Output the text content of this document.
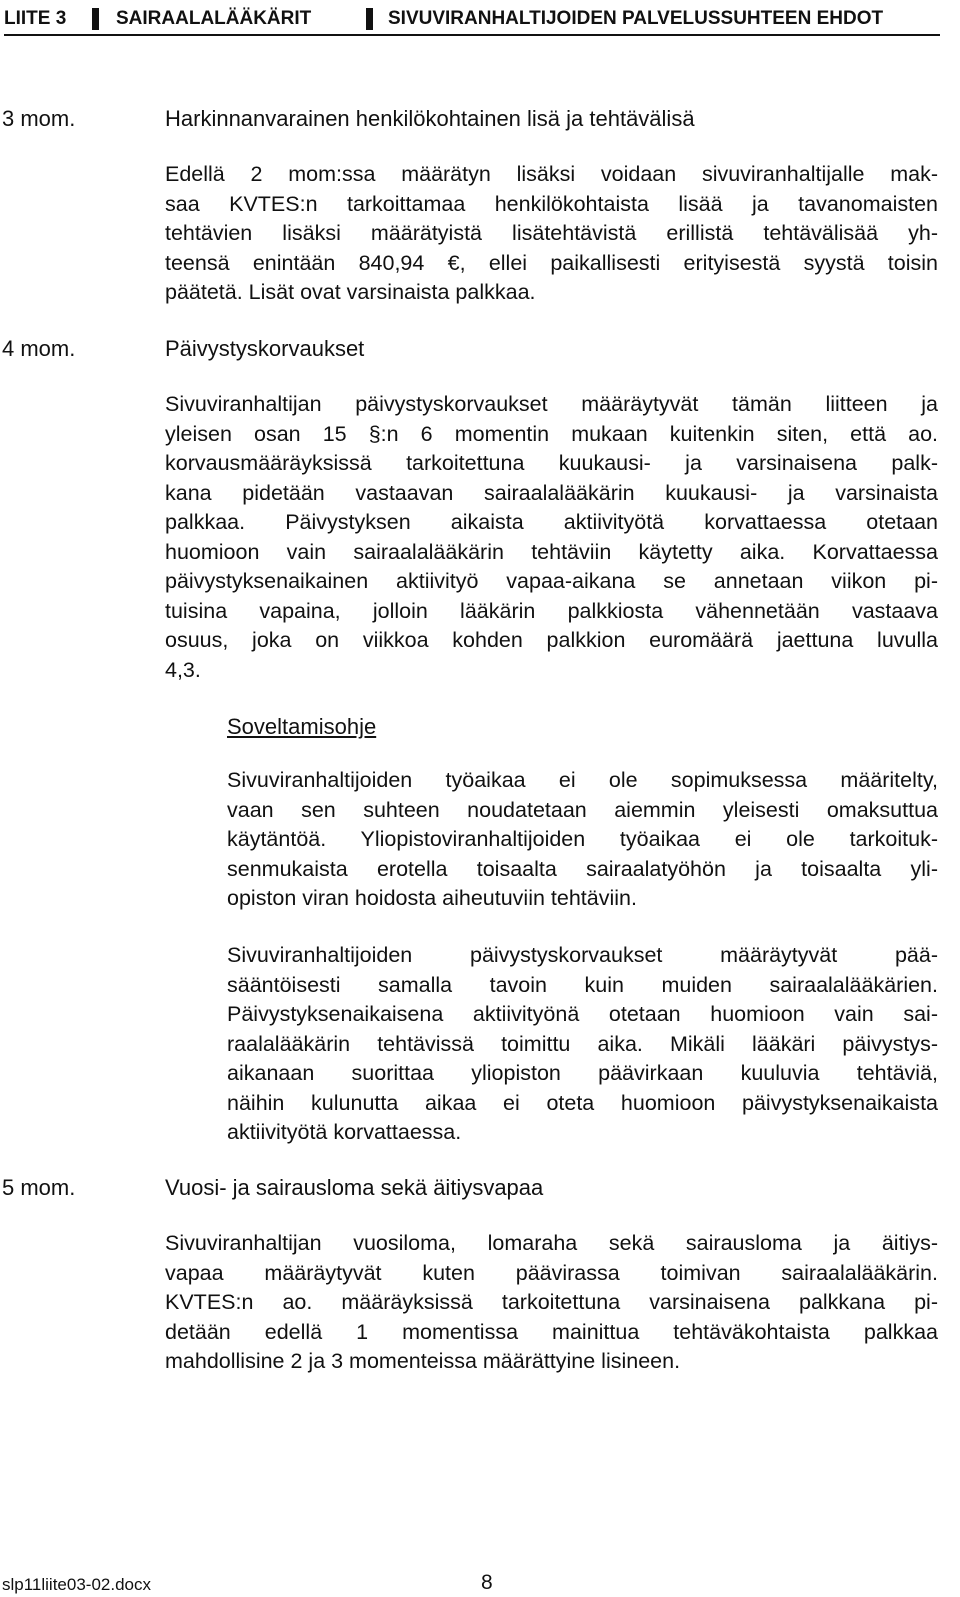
LIITE 3	SAIRAALALÄÄKÄRIT	SIVUVIRANHALTIJOIDEN PALVELUSSUHTEEN EHDOT
3 mom.	Harkinnanvarainen henkilökohtainen lisä ja tehtävälisä
Edellä 2 mom:ssa määrätyn lisäksi voidaan sivuviranhaltijalle mak-
saa KVTES:n tarkoittamaa henkilökohtaista lisää ja tavanomaisten
tehtävien lisäksi määrätyistä lisätehtävistä erillistä tehtävälisää yh-
teensä enintään 840,94 €, ellei paikallisesti erityisestä syystä toisin
päätetä. Lisät ovat varsinaista palkkaa.
4 mom.	Päivystyskorvaukset
Sivuviranhaltijan päivystyskorvaukset määräytyvät tämän liitteen ja
yleisen osan 15 §:n 6 momentin mukaan kuitenkin siten, että ao.
korvausmääräyksissä tarkoitettuna kuukausi- ja varsinaisena palk-
kana pidetään vastaavan sairaalalääkärin kuukausi- ja varsinaista
palkkaa. Päivystyksen aikaista aktiivityötä korvattaessa otetaan
huomioon vain sairaalalääkärin tehtäviin käytetty aika. Korvattaessa
päivystyksenaikainen aktiivityö vapaa-aikana se annetaan viikon pi-
tuisina vapaina, jolloin lääkärin palkkiosta vähennetään vastaava
osuus, joka on viikkoa kohden palkkion euromäärä jaettuna luvulla
4,3.
Soveltamisohje
Sivuviranhaltijoiden työaikaa ei ole sopimuksessa määritelty,
vaan sen suhteen noudatetaan aiemmin yleisesti omaksuttua
käytäntöä. Yliopistoviranhaltijoiden työaikaa ei ole tarkoituk-
senmukaista erotella toisaalta sairaalatyöhön ja toisaalta yli-
opiston viran hoidosta aiheutuviin tehtäviin.
Sivuviranhaltijoiden päivystyskorvaukset määräytyvät pää-
sääntöisesti samalla tavoin kuin muiden sairaalalääkärien.
Päivystyksenaikaisena aktiivityönä otetaan huomioon vain sai-
raalalääkärin tehtävissä toimittu aika. Mikäli lääkäri päivystys-
aikanaan suorittaa yliopiston päävirkaan kuuluvia tehtäviä,
näihin kulunutta aikaa ei oteta huomioon päivystyksenaikaista
aktiivityötä korvattaessa.
5 mom.	Vuosi- ja sairausloma sekä äitiysvapaa
Sivuviranhaltijan vuosiloma, lomaraha sekä sairausloma ja äitiys-
vapaa määräytyvät kuten päävirassa toimivan sairaalalääkärin.
KVTES:n ao. määräyksissä tarkoitettuna varsinaisena palkkana pi-
detään edellä 1 momentissa mainittua tehtäväkohtaista palkkaa
mahdollisine 2 ja 3 momenteissa määrättyine lisineen.
slp11liite03-02.docx	8
